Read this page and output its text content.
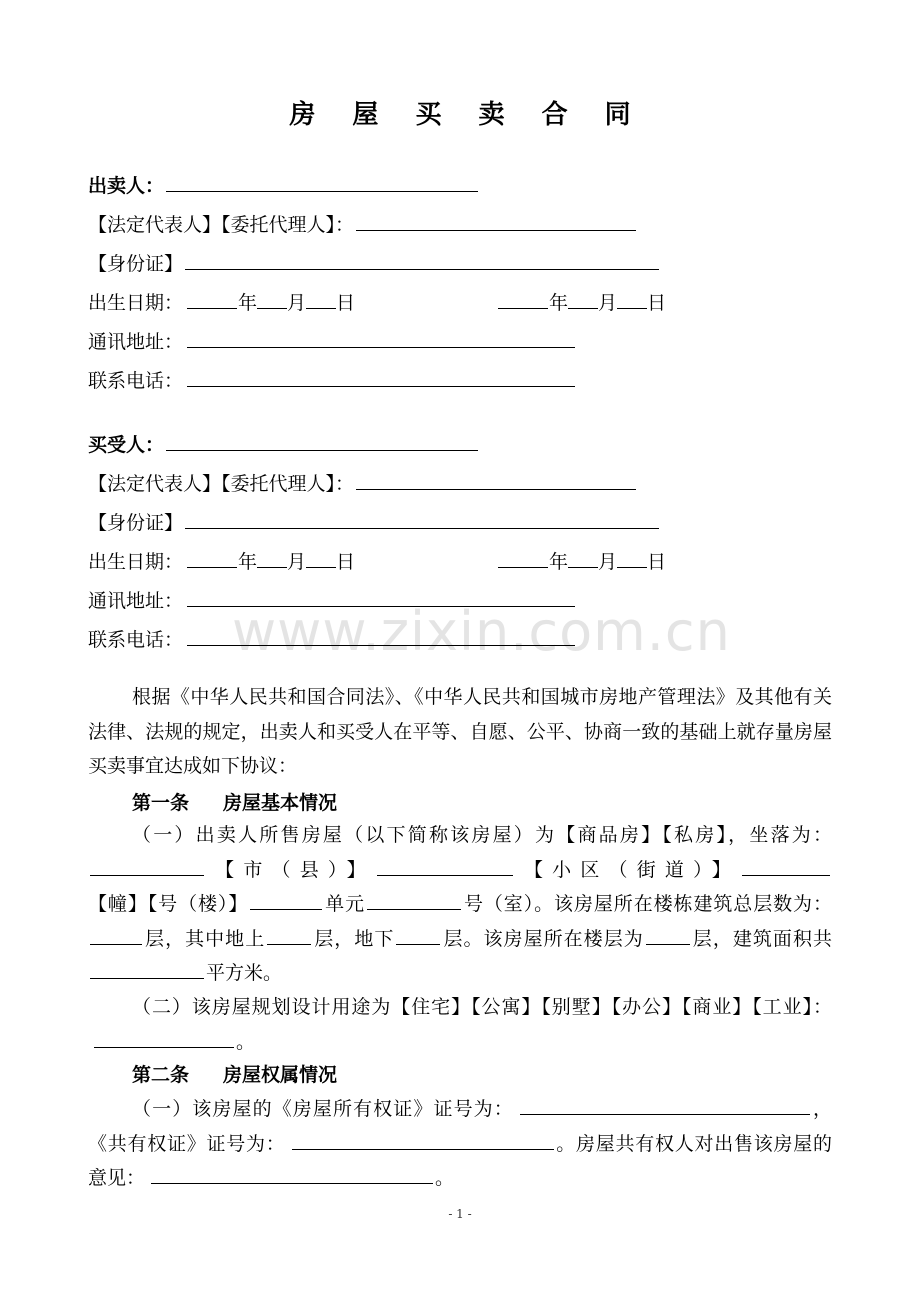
www.zixin.com.cn
房 屋 买 卖 合 同
出卖人：
【法定代表人】【委托代理人】：
【身份证】
出生日期：	年 月 日	年 月 日
通讯地址：
联系电话：
买受人：
【法定代表人】【委托代理人】：
【身份证】
出生日期：	年 月 日	年 月 日
通讯地址：
联系电话：
根据《中华人民共和国合同法》、《中华人民共和国城市房地产管理法》及其他有关法律、法规的规定，出卖人和买受人在平等、自愿、公平、协商一致的基础上就存量房屋买卖事宜达成如下协议：
第一条 房屋基本情况
（一）出卖人所售房屋（以下简称该房屋）为【商品房】【私房】，坐落为：【市（县）】	【小区（街道）】【幢】【号（楼）】	单元	号（室）。该房屋所在楼栋建筑总层数为：层，其中地上	层，地下	层。该房屋所在楼层为	层，建筑面积共平方米。
（二）该房屋规划设计用途为【住宅】【公寓】【别墅】【办公】【商业】【工业】：。
第二条 房屋权属情况
（一）该房屋的《房屋所有权证》证号为：	，《共有权证》证号为：	。房屋共有权人对出售该房屋的意见：	。
- 1 -
